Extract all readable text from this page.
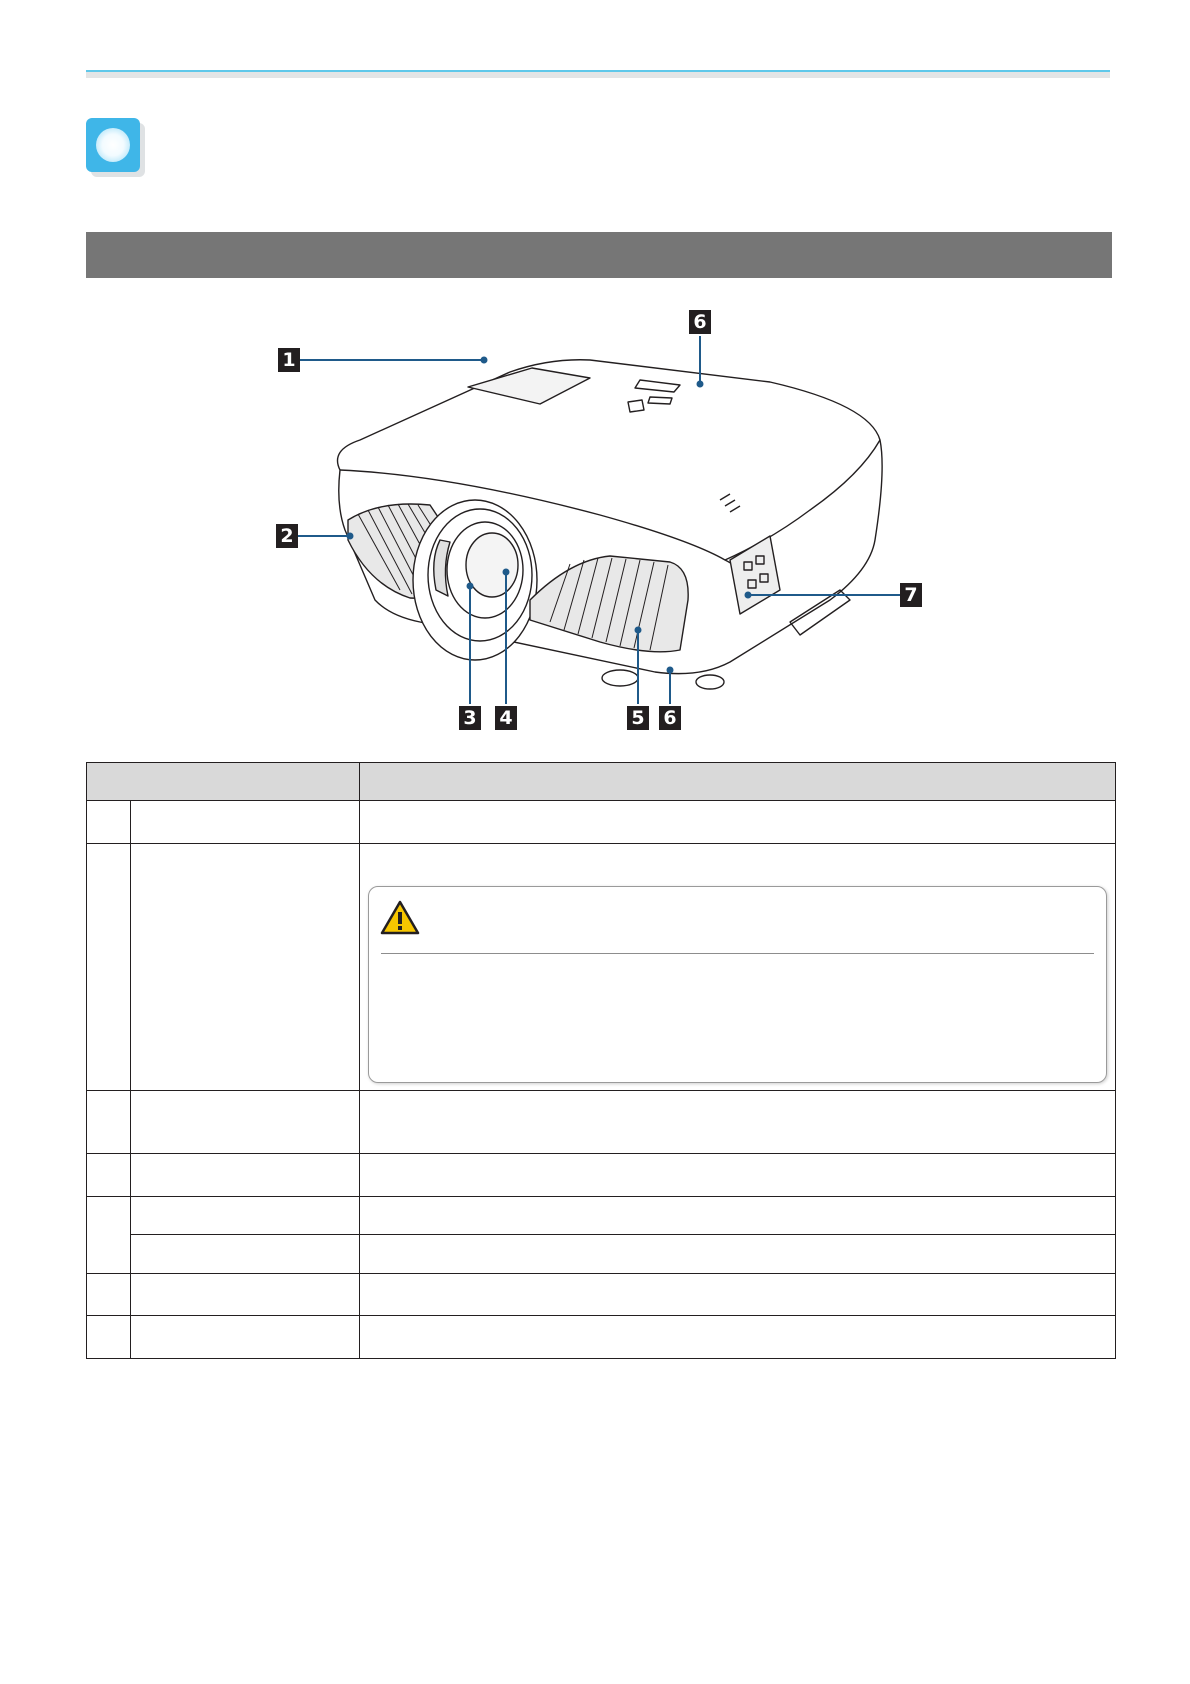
1
2
3 4	5 6
6
7
